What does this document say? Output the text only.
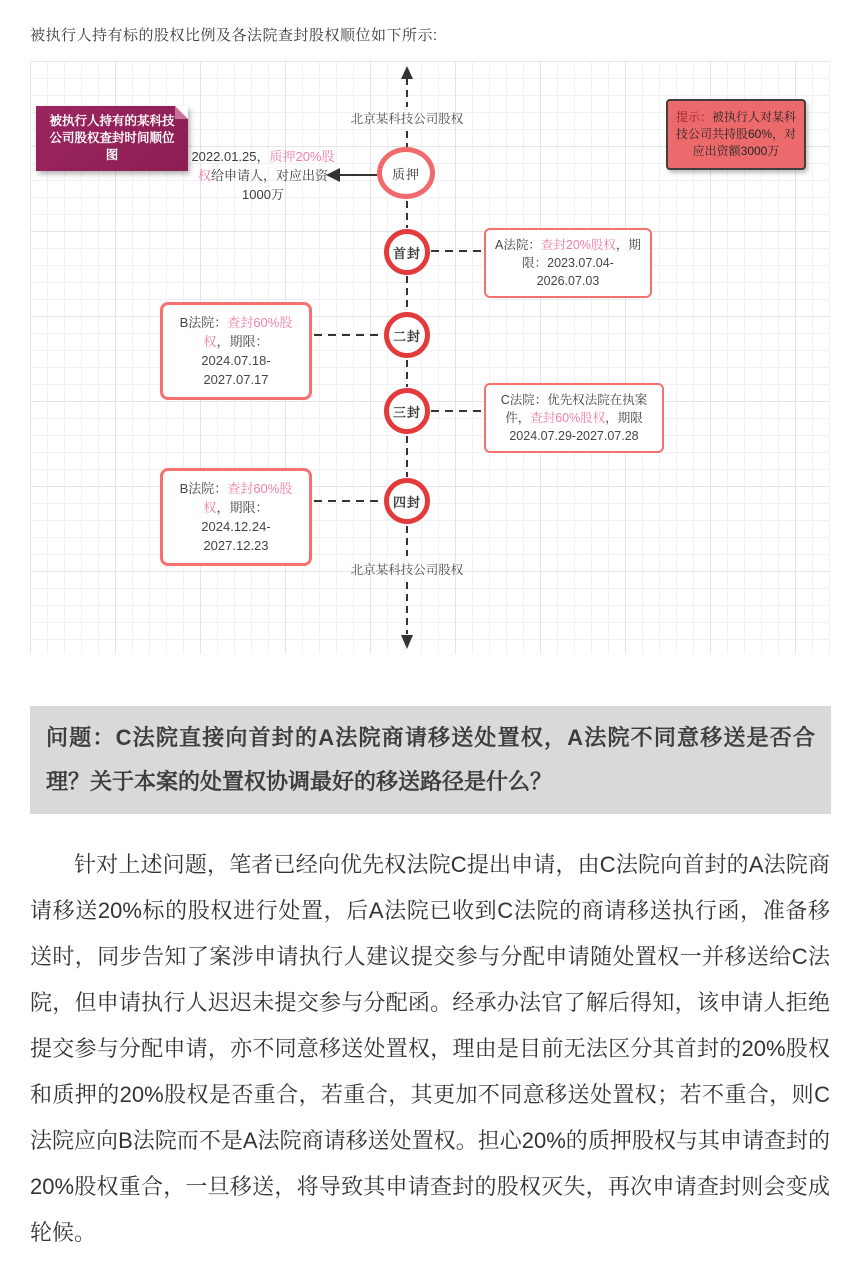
被执行人持有标的股权比例及各法院查封股权顺位如下所示:
被执行人持有的某科技公司股权查封时间顺位图
提示：被执行人对某科技公司共持股60%，对应出资额3000万
北京某科技公司股权
北京某科技公司股权
2022.01.25，质押20%股权给申请人，对应出资1000万
质押
首封
二封
三封
四封
A法院：查封20%股权，期限：2023.07.04-2026.07.03
B法院：查封60%股权，期限：2024.07.18-2027.07.17
C法院：优先权法院在执案件，查封60%股权，期限 2024.07.29-2027.07.28
B法院：查封60%股权，期限：2024.12.24-2027.12.23
问题：C法院直接向首封的A法院商请移送处置权，A法院不同意移送是否合理？关于本案的处置权协调最好的移送路径是什么？
针对上述问题，笔者已经向优先权法院C提出申请，由C法院向首封的A法院商请移送20%标的股权进行处置，后A法院已收到C法院的商请移送执行函，准备移送时，同步告知了案涉申请执行人建议提交参与分配申请随处置权一并移送给C法院，但申请执行人迟迟未提交参与分配函。经承办法官了解后得知，该申请人拒绝提交参与分配申请，亦不同意移送处置权，理由是目前无法区分其首封的20%股权和质押的20%股权是否重合，若重合，其更加不同意移送处置权；若不重合，则C法院应向B法院而不是A法院商请移送处置权。担心20%的质押股权与其申请查封的20%股权重合，一旦移送，将导致其申请查封的股权灭失，再次申请查封则会变成轮候。
